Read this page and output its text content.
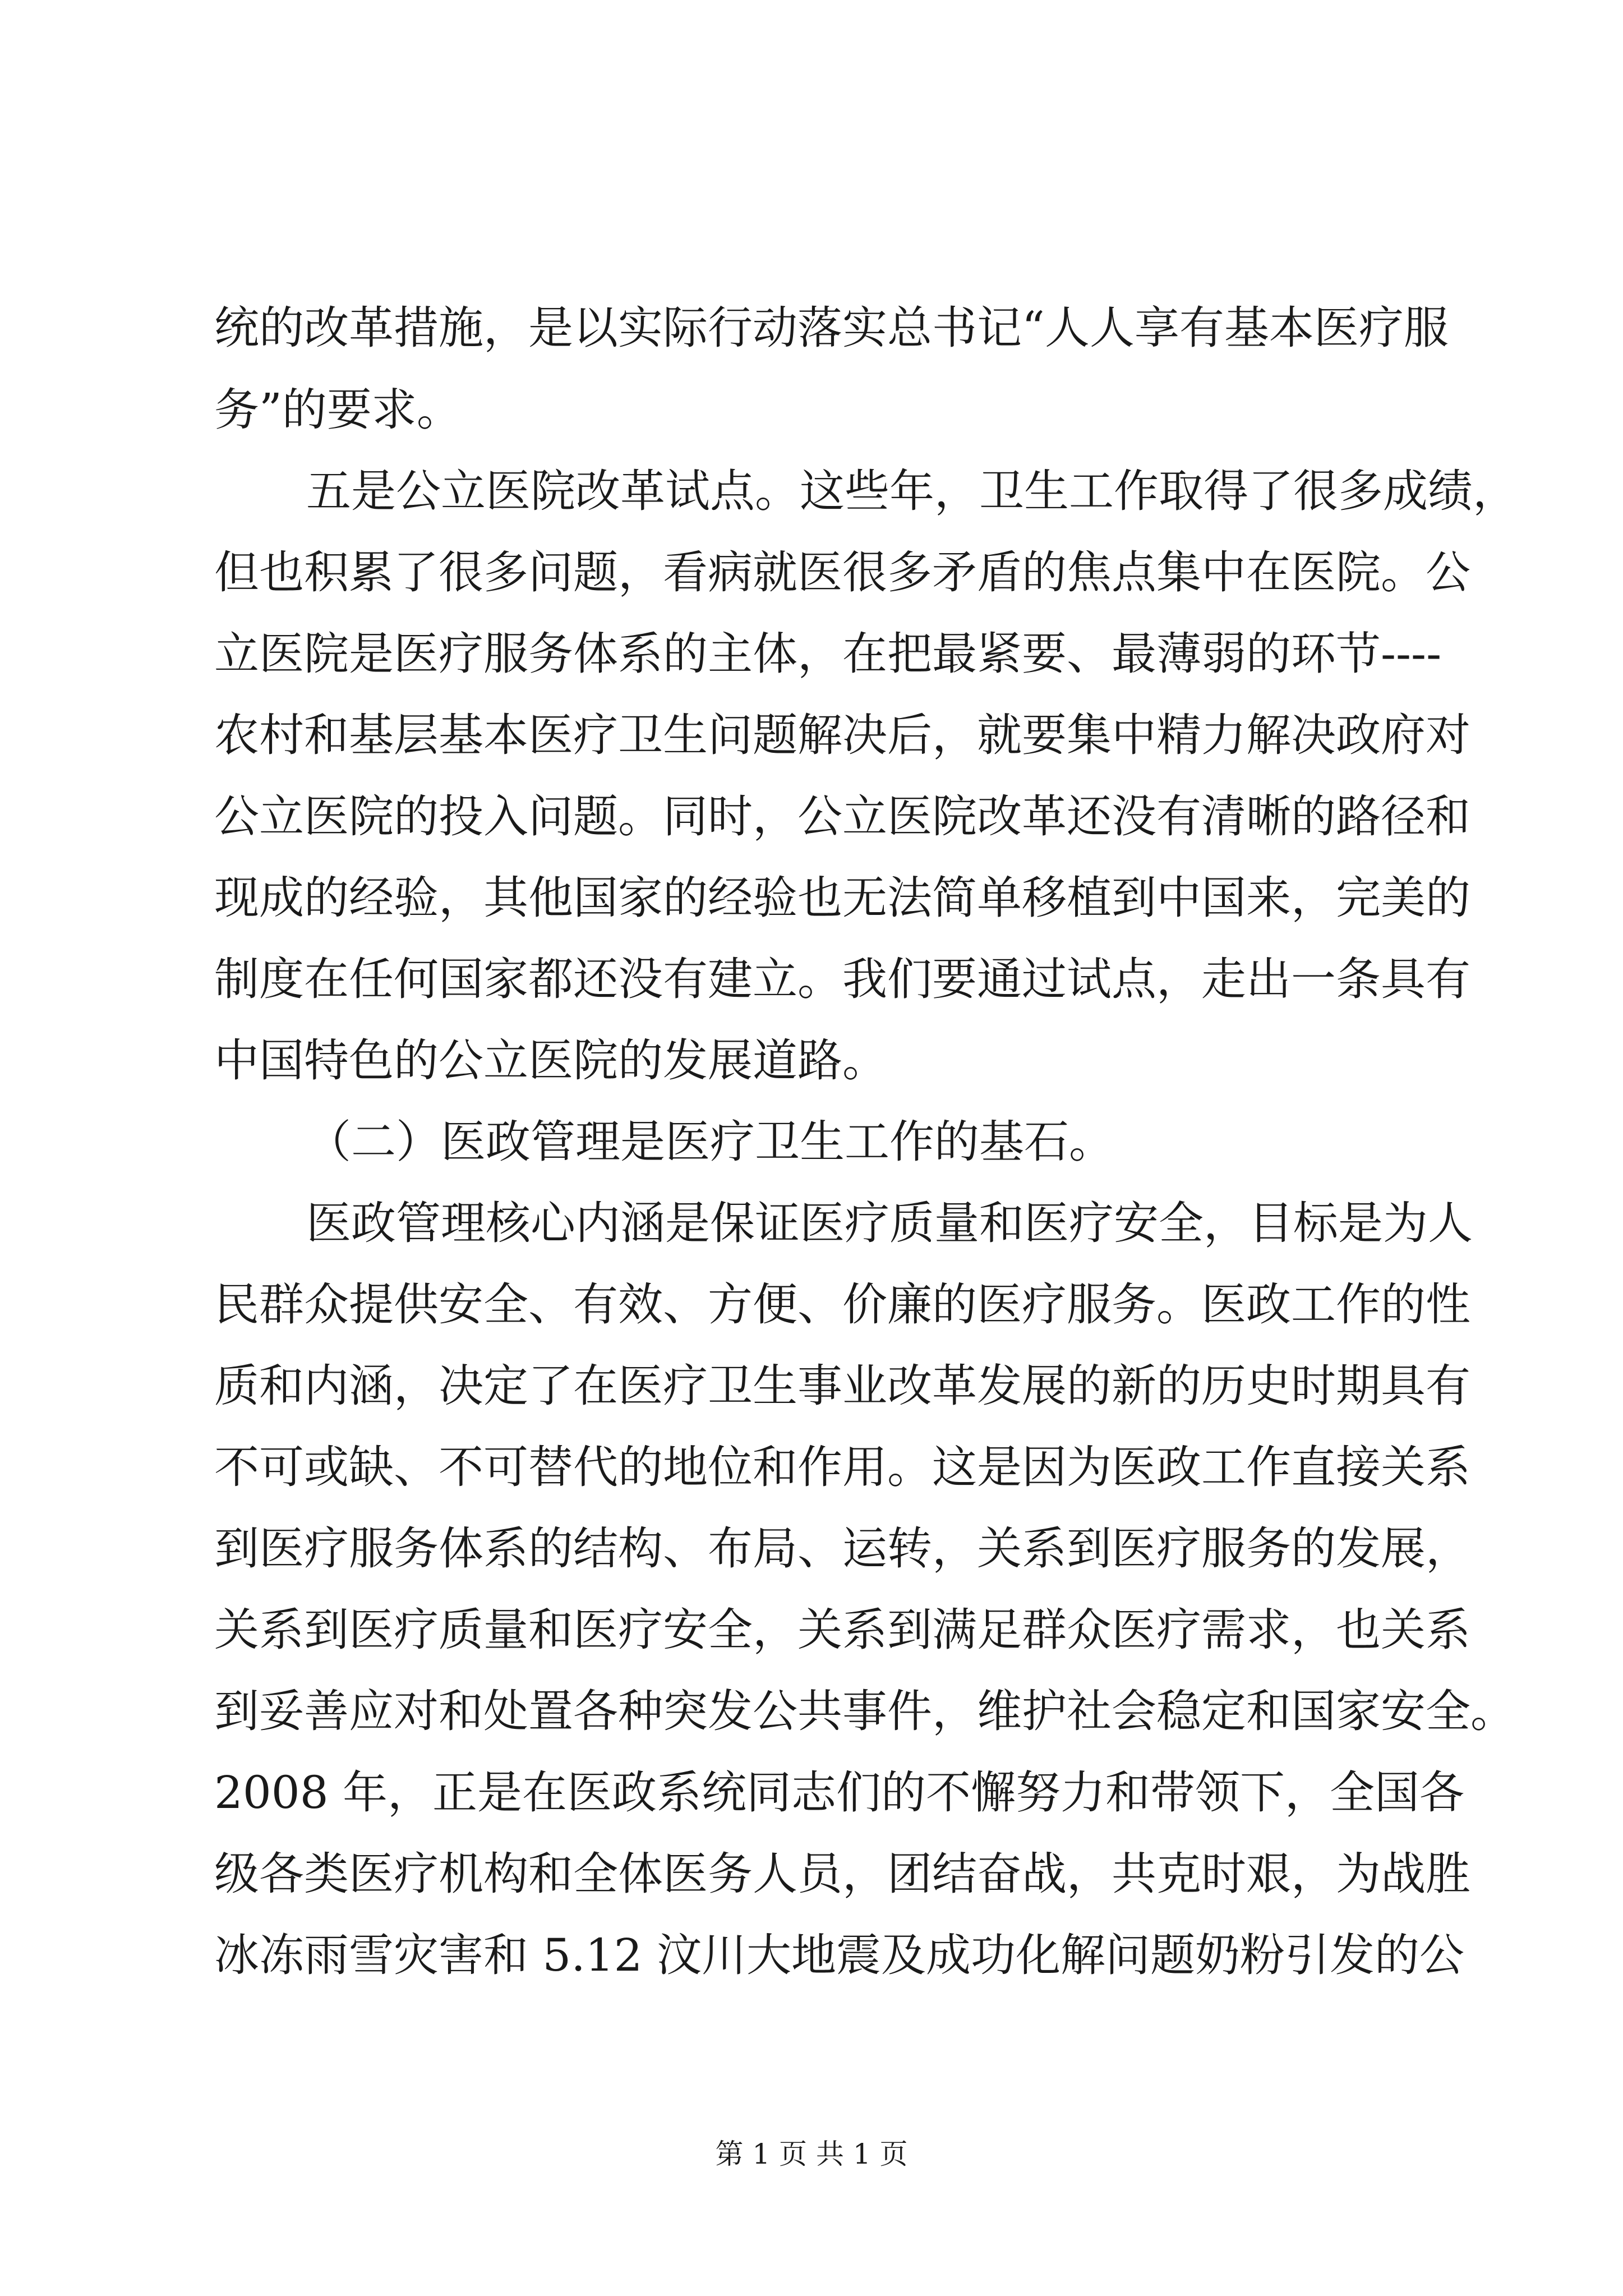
统的改革措施，是以实际行动落实总书记“人人享有基本医疗服
务”的要求。
五是公立医院改革试点。这些年，卫生工作取得了很多成绩，
但也积累了很多问题，看病就医很多矛盾的焦点集中在医院。公
立医院是医疗服务体系的主体，在把最紧要、最薄弱的环节----
农村和基层基本医疗卫生问题解决后，就要集中精力解决政府对
公立医院的投入问题。同时，公立医院改革还没有清晰的路径和
现成的经验，其他国家的经验也无法简单移植到中国来，完美的
制度在任何国家都还没有建立。我们要通过试点，走出一条具有
中国特色的公立医院的发展道路。
（二）医政管理是医疗卫生工作的基石。
医政管理核心内涵是保证医疗质量和医疗安全，目标是为人
民群众提供安全、有效、方便、价廉的医疗服务。医政工作的性
质和内涵，决定了在医疗卫生事业改革发展的新的历史时期具有
不可或缺、不可替代的地位和作用。这是因为医政工作直接关系
到医疗服务体系的结构、布局、运转，关系到医疗服务的发展，
关系到医疗质量和医疗安全，关系到满足群众医疗需求，也关系
到妥善应对和处置各种突发公共事件，维护社会稳定和国家安全。
2008 年，正是在医政系统同志们的不懈努力和带领下，全国各
级各类医疗机构和全体医务人员，团结奋战，共克时艰，为战胜
冰冻雨雪灾害和 5.12 汶川大地震及成功化解问题奶粉引发的公
第 1 页 共 1 页
